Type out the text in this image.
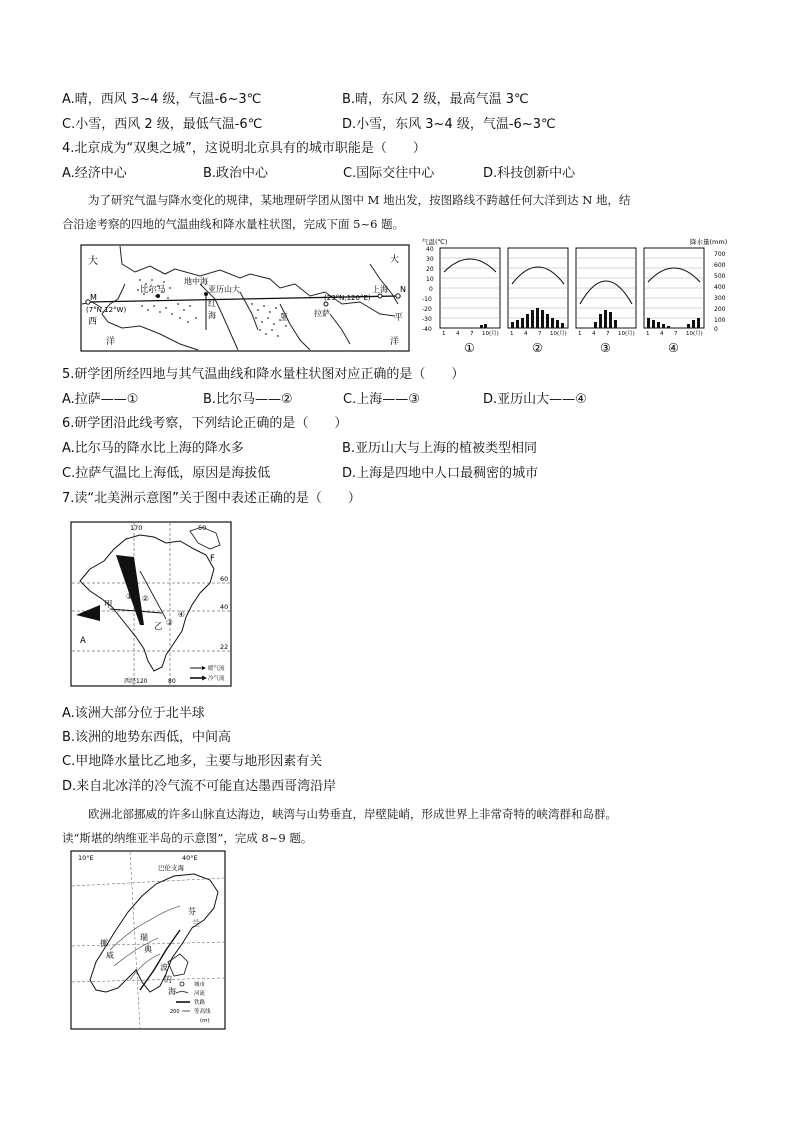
A.晴，西风 3~4 级，气温-6~3℃	B.晴，东风 2 级，最高气温 3℃
C.小雪，西风 2 级，最低气温-6℃	D.小雪，东风 3~4 级，气温-6~3℃
4.北京成为“双奥之城”，这说明北京具有的城市职能是（　　）
A.经济中心	B.政治中心	C.国际交往中心	D.科技创新中心
为了研究气温与降水变化的规律，某地理研学团从图中 M 地出发，按图路线不跨越任何大洋到达 N 地，结
合沿途考察的四地的气温曲线和降水量柱状图，完成下面 5~6 题。
大
西
洋
比尔马
地中海
亚历山大
红
海	亚	拉萨
上海
M
N
(7°N,12°W)
(29°N,120°E)
大
平
洋
气温(℃)	降水量(mm)
40
30
20
10
0
-10
-20
-30
-40
700
600
500
400
300
200
100
0
1 4 7 10(月) 1 4 7 10(月) 1 4 7 10(月) 1 4 7 10(月)
①	②	③	④
5.研学团所经四地与其气温曲线和降水量柱状图对应正确的是（　　）
A.拉萨——①	B.比尔马——②	C.上海——③	D.亚历山大——④
6.研学团沿此线考察，下列结论正确的是（　　）
A.比尔马的降水比上海的降水多	B.亚历山大与上海的植被类型相同
C.拉萨气温比上海低，原因是海拔低	D.上海是四地中人口最稠密的城市
7.读“北美洲示意图”关于图中表述正确的是（　　）
170	50
60
40
22
甲
乙
A
F
① ②
③
④
西经120	80
暖气流
冷气流
A.该洲大部分位于北半球
B.该洲的地势东西低，中间高
C.甲地降水量比乙地多，主要与地形因素有关
D.来自北冰洋的冷气流不可能直达墨西哥湾沿岸
欧洲北部挪威的许多山脉直达海边，峡湾与山势垂直，岸壁陡峭，形成世界上非常奇特的峡湾群和岛群。
读“斯堪的纳维亚半岛的示意图”，完成 8~9 题。
10°E	40°E
巴伦支海
挪
威
瑞
典
芬
兰
波
的
海
城市
河流
铁路
200	等高线
(m)
